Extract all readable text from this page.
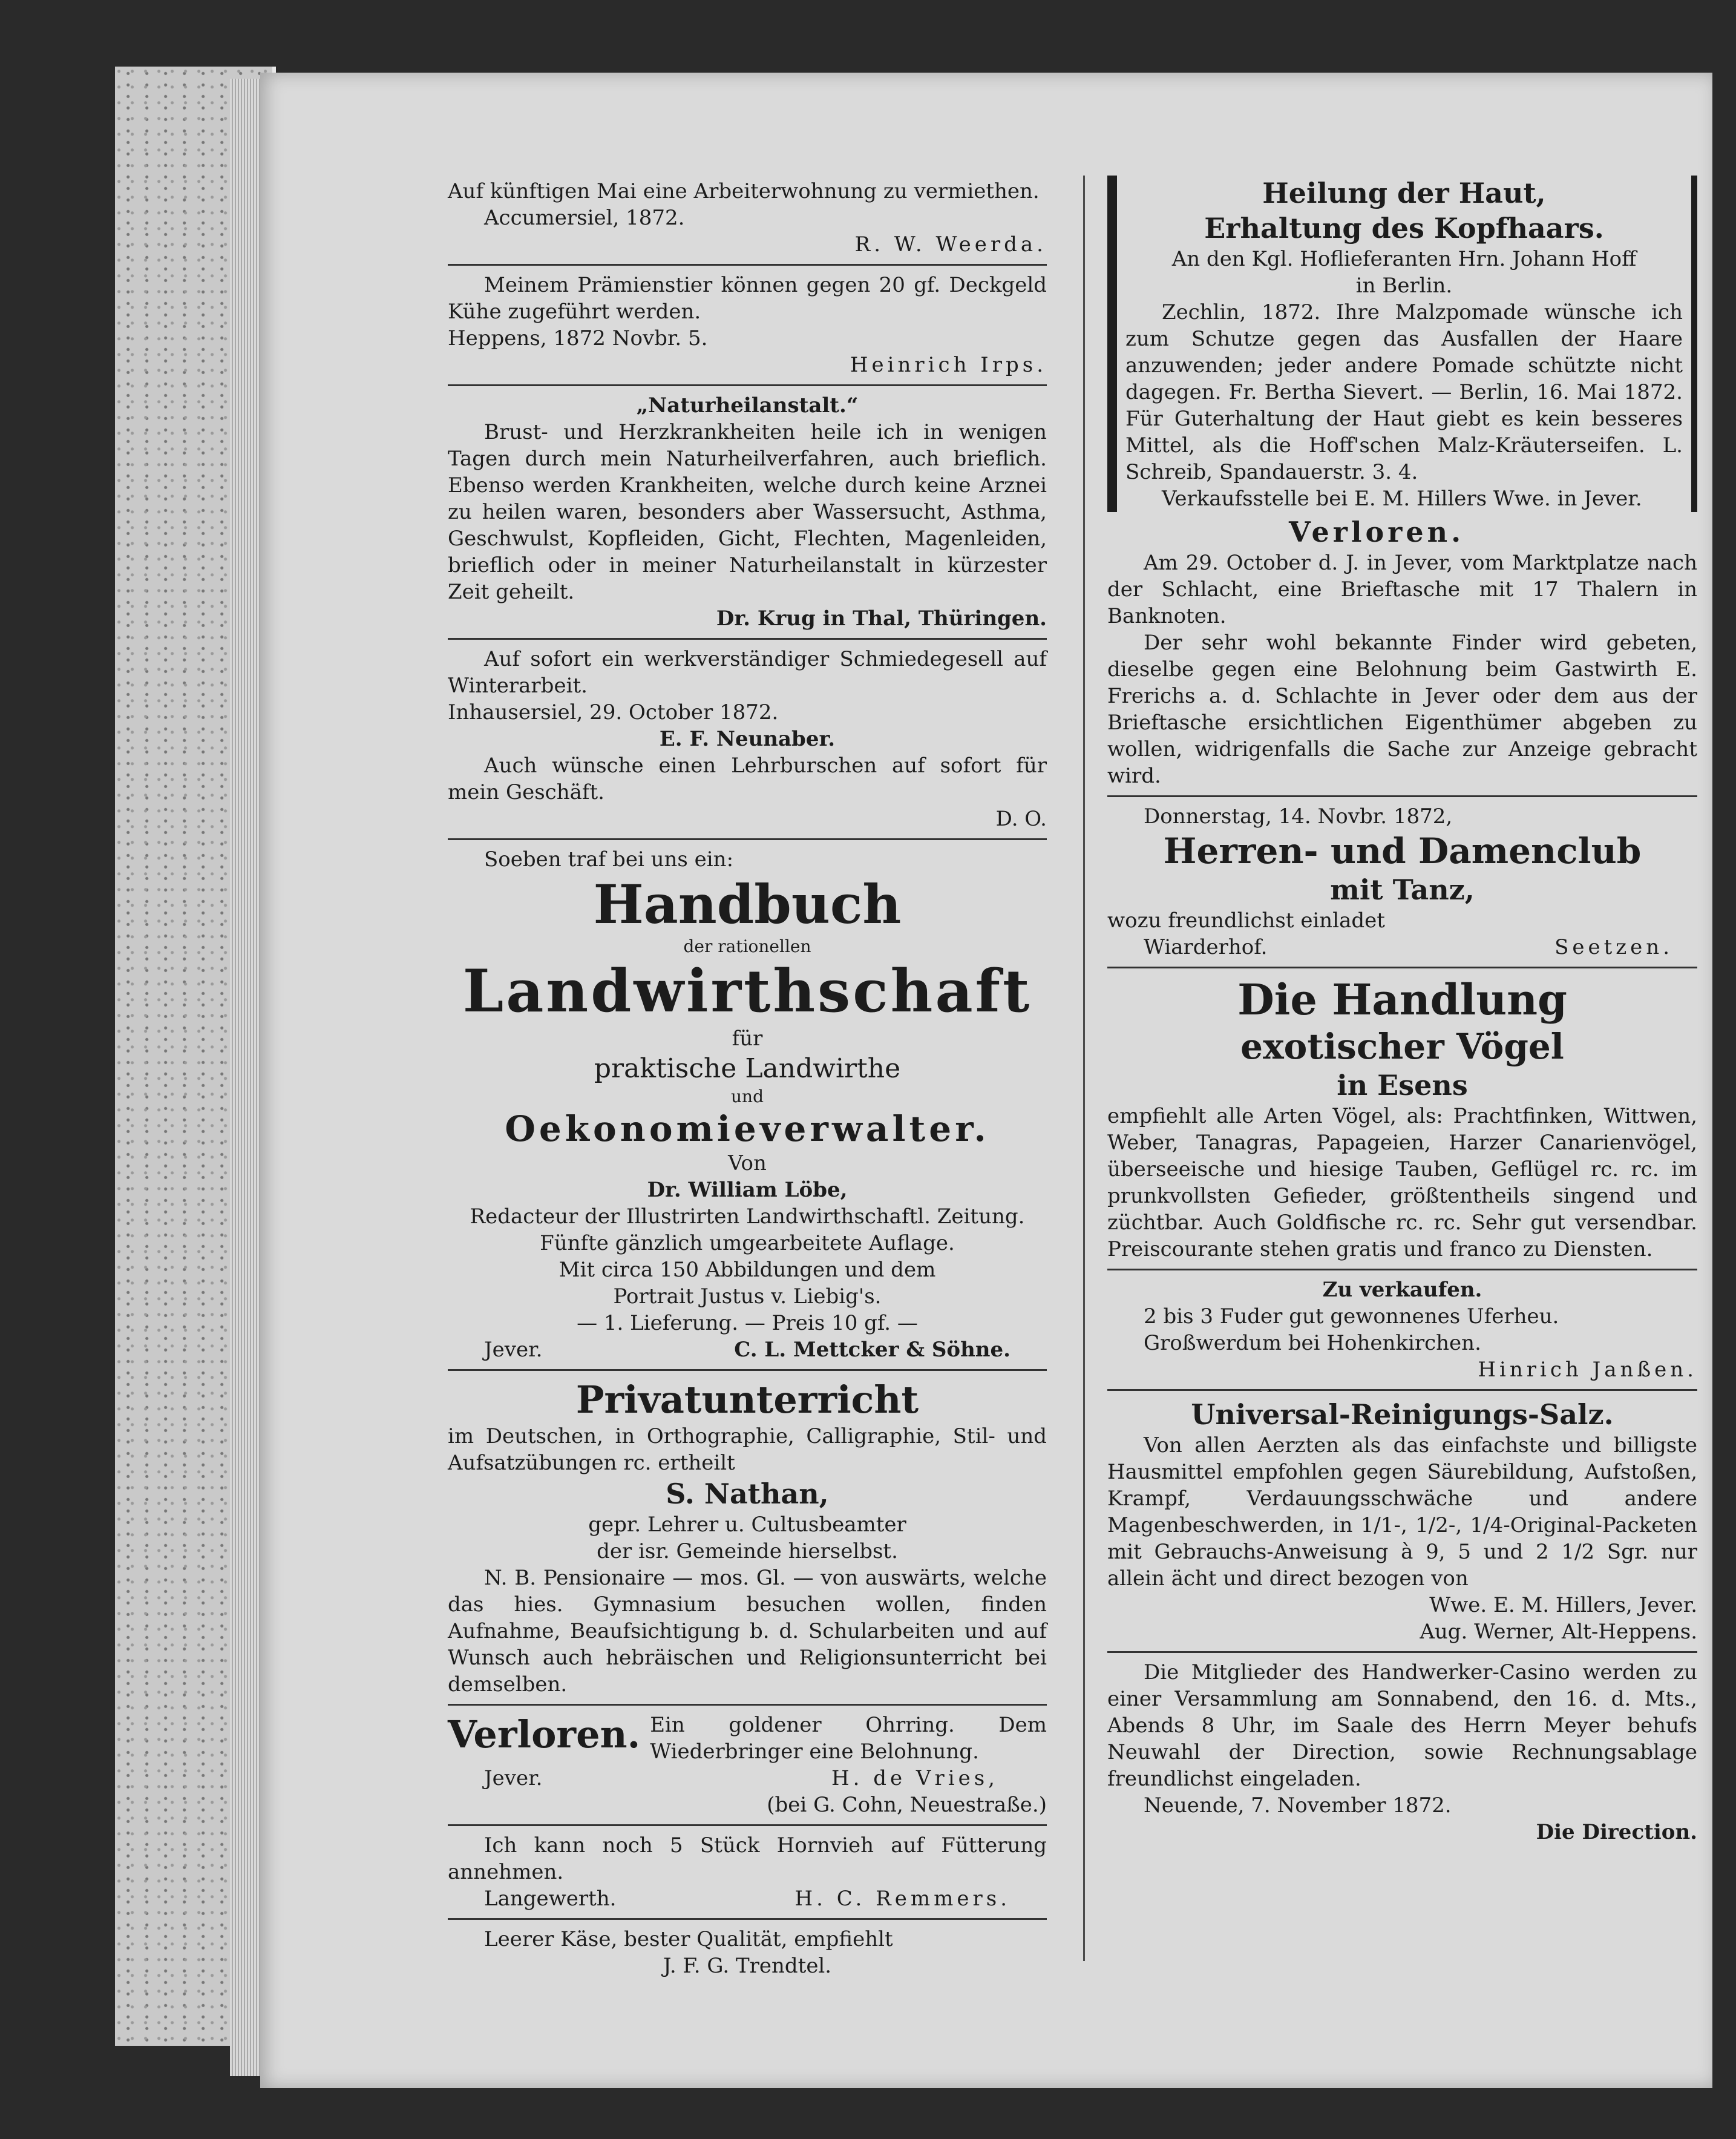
Auf künftigen Mai eine Arbeiterwohnung zu vermiethen.
Accumersiel, 1872.
R. W. Weerda.
Meinem Prämienstier können gegen 20 gf. Deckgeld Kühe zugeführt werden.
Heppens, 1872 Novbr. 5.
Heinrich Irps.
„Naturheilanstalt.“
Brust- und Herzkrankheiten heile ich in wenigen Tagen durch mein Naturheilverfahren, auch brieflich. Ebenso werden Krankheiten, welche durch keine Arznei zu heilen waren, besonders aber Wassersucht, Asthma, Geschwulst, Kopfleiden, Gicht, Flechten, Magenleiden, brieflich oder in meiner Naturheilanstalt in kürzester Zeit geheilt.
Dr. Krug in Thal, Thüringen.
Auf sofort ein werkverständiger Schmiedegesell auf Winterarbeit.
Inhausersiel, 29. October 1872.
E. F. Neunaber.
Auch wünsche einen Lehrburschen auf sofort für mein Geschäft.
D. O.
Soeben traf bei uns ein:
Handbuch
der rationellen
Landwirthschaft
für
praktische Landwirthe
und
Oekonomieverwalter.
Von
Dr. William Löbe,
Redacteur der Illustrirten Landwirthschaftl. Zeitung.
Fünfte gänzlich umgearbeitete Auflage.
Mit circa 150 Abbildungen und dem
Portrait Justus v. Liebig's.
— 1. Lieferung. — Preis 10 gf. —
Jever.	C. L. Mettcker & Söhne.
Privatunterricht
im Deutschen, in Orthographie, Calligraphie, Stil- und Aufsatzübungen rc. ertheilt
S. Nathan,
gepr. Lehrer u. Cultusbeamter
der isr. Gemeinde hierselbst.
N. B. Pensionaire — mos. Gl. — von auswärts, welche das hies. Gymnasium besuchen wollen, finden Aufnahme, Beaufsichtigung b. d. Schularbeiten und auf Wunsch auch hebräischen und Religionsunterricht bei demselben.
Verloren. Ein goldener Ohrring. Dem Wiederbringer eine Belohnung.
Jever.	H. de Vries,
(bei G. Cohn, Neuestraße.)
Ich kann noch 5 Stück Hornvieh auf Fütterung annehmen.
Langewerth.	H. C. Remmers.
Leerer Käse, bester Qualität, empfiehlt
J. F. G. Trendtel.
Heilung der Haut,
Erhaltung des Kopfhaars.
An den Kgl. Hoflieferanten Hrn. Johann Hoff
in Berlin.
Zechlin, 1872. Ihre Malzpomade wünsche ich zum Schutze gegen das Ausfallen der Haare anzuwenden; jeder andere Pomade schützte nicht dagegen. Fr. Bertha Sievert. — Berlin, 16. Mai 1872. Für Guterhaltung der Haut giebt es kein besseres Mittel, als die Hoff'schen Malz-Kräuterseifen. L. Schreib, Spandauerstr. 3. 4.
Verkaufsstelle bei E. M. Hillers Wwe. in Jever.
Verloren.
Am 29. October d. J. in Jever, vom Marktplatze nach der Schlacht, eine Brieftasche mit 17 Thalern in Banknoten.
Der sehr wohl bekannte Finder wird gebeten, dieselbe gegen eine Belohnung beim Gastwirth E. Frerichs a. d. Schlachte in Jever oder dem aus der Brieftasche ersichtlichen Eigenthümer abgeben zu wollen, widrigenfalls die Sache zur Anzeige gebracht wird.
Donnerstag, 14. Novbr. 1872,
Herren- und Damenclub
mit Tanz,
wozu freundlichst einladet
Wiarderhof.	Seetzen.
Die Handlung
exotischer Vögel
in Esens
empfiehlt alle Arten Vögel, als: Prachtfinken, Wittwen, Weber, Tanagras, Papageien, Harzer Canarienvögel, überseeische und hiesige Tauben, Geflügel rc. rc. im prunkvollsten Gefieder, größtentheils singend und züchtbar. Auch Goldfische rc. rc. Sehr gut versendbar. Preiscourante stehen gratis und franco zu Diensten.
Zu verkaufen.
2 bis 3 Fuder gut gewonnenes Uferheu.
Großwerdum bei Hohenkirchen.
Hinrich Janßen.
Universal-Reinigungs-Salz.
Von allen Aerzten als das einfachste und billigste Hausmittel empfohlen gegen Säurebildung, Aufstoßen, Krampf, Verdauungsschwäche und andere Magenbeschwerden, in 1/1-, 1/2-, 1/4-Original-Packeten mit Gebrauchs-Anweisung à 9, 5 und 2 1/2 Sgr. nur allein ächt und direct bezogen von
Wwe. E. M. Hillers, Jever.
Aug. Werner, Alt-Heppens.
Die Mitglieder des Handwerker-Casino werden zu einer Versammlung am Sonnabend, den 16. d. Mts., Abends 8 Uhr, im Saale des Herrn Meyer behufs Neuwahl der Direction, sowie Rechnungsablage freundlichst eingeladen.
Neuende, 7. November 1872.
Die Direction.
